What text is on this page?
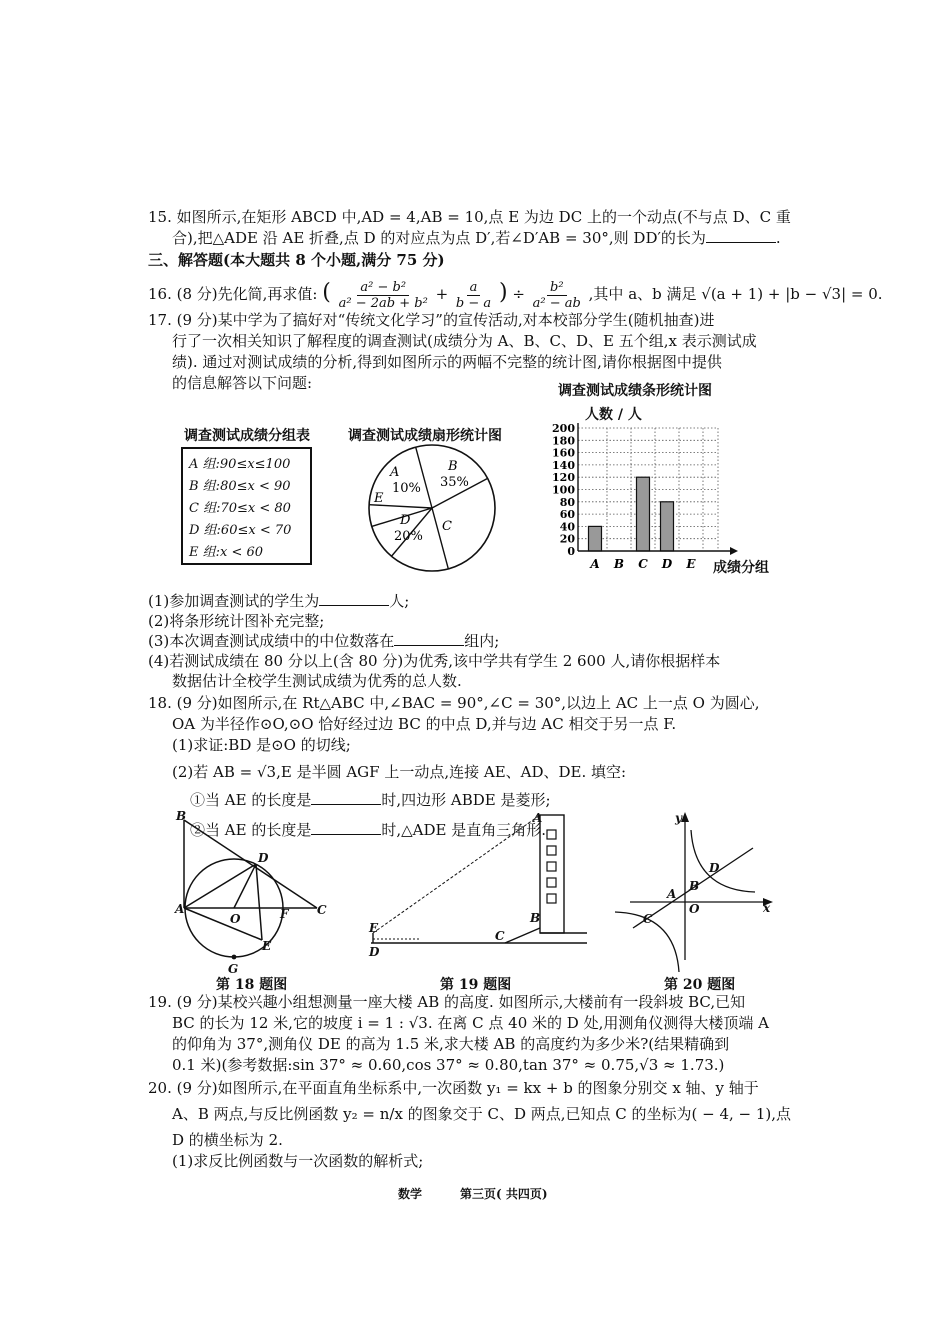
15. 如图所示,在矩形 ABCD 中,AD = 4,AB = 10,点 E 为边 DC 上的一个动点(不与点 D、C 重
合),把△ADE 沿 AE 折叠,点 D 的对应点为点 D′,若∠D′AB = 30°,则 DD′的长为	.
三、解答题(本大题共 8 个小题,满分 75 分)
16. (8 分)先化简,再求值: ( $\frac{\text{a² − b²}}{\text{a² − 2ab + b²}} + \frac{a}{b - a}$ ) ÷ $\frac{\text{b²}}{\text{a² − ab}}$ ,其中 a、b 满足 √(a + 1) + |b − √3| = 0.
17. (9 分)某中学为了搞好对“传统文化学习”的宣传活动,对本校部分学生(随机抽查)进
行了一次相关知识了解程度的调查测试(成绩分为 A、B、C、D、E 五个组,x 表示测试成
绩). 通过对测试成绩的分析,得到如图所示的两幅不完整的统计图,请你根据图中提供
的信息解答以下问题:
调查测试成绩分组表
A 组:90≤x≤100
B 组:80≤x < 90
C 组:70≤x < 80
D 组:60≤x < 70
E 组:x < 60
调查测试成绩扇形统计图
A
10%
B
35%
C
D
20%
E
调查测试成绩条形统计图
人数 / 人
成绩分组
0
20
40
60
80
100
120
140
160
180
200
A B C D E
(1)参加调查测试的学生为	人;
(2)将条形统计图补充完整;
(3)本次调查测试成绩中的中位数落在	组内;
(4)若测试成绩在 80 分以上(含 80 分)为优秀,该中学共有学生 2 600 人,请你根据样本
数据估计全校学生测试成绩为优秀的总人数.
18. (9 分)如图所示,在 Rt△ABC 中,∠BAC = 90°,∠C = 30°,以边上 AC 上一点 O 为圆心,
OA 为半径作⊙O,⊙O 恰好经过边 BC 的中点 D,并与边 AC 相交于另一点 F.
(1)求证:BD 是⊙O 的切线;
(2)若 AB = √3,E 是半圆 AGF 上一动点,连接 AE、AD、DE. 填空:
①当 AE 的长度是	时,四边形 ABDE 是菱形;
②当 AE 的长度是	时,△ADE 是直角三角形.
B
D
A
O	F C
E
G
A
B
E
D
C
y
x
D
B
A
O
C
第 18 题图	第 19 题图	第 20 题图
19. (9 分)某校兴趣小组想测量一座大楼 AB 的高度. 如图所示,大楼前有一段斜坡 BC,已知
BC 的长为 12 米,它的坡度 i = 1 : √3. 在离 C 点 40 米的 D 处,用测角仪测得大楼顶端 A
的仰角为 37°,测角仪 DE 的高为 1.5 米,求大楼 AB 的高度约为多少米?(结果精确到
0.1 米)(参考数据:sin 37° ≈ 0.60,cos 37° ≈ 0.80,tan 37° ≈ 0.75,√3 ≈ 1.73.)
20. (9 分)如图所示,在平面直角坐标系中,一次函数 y₁ = kx + b 的图象分别交 x 轴、y 轴于
A、B 两点,与反比例函数 y₂ = n/x 的图象交于 C、D 两点,已知点 C 的坐标为( − 4, − 1),点
D 的横坐标为 2.
(1)求反比例函数与一次函数的解析式;
数学	第三页( 共四页)
